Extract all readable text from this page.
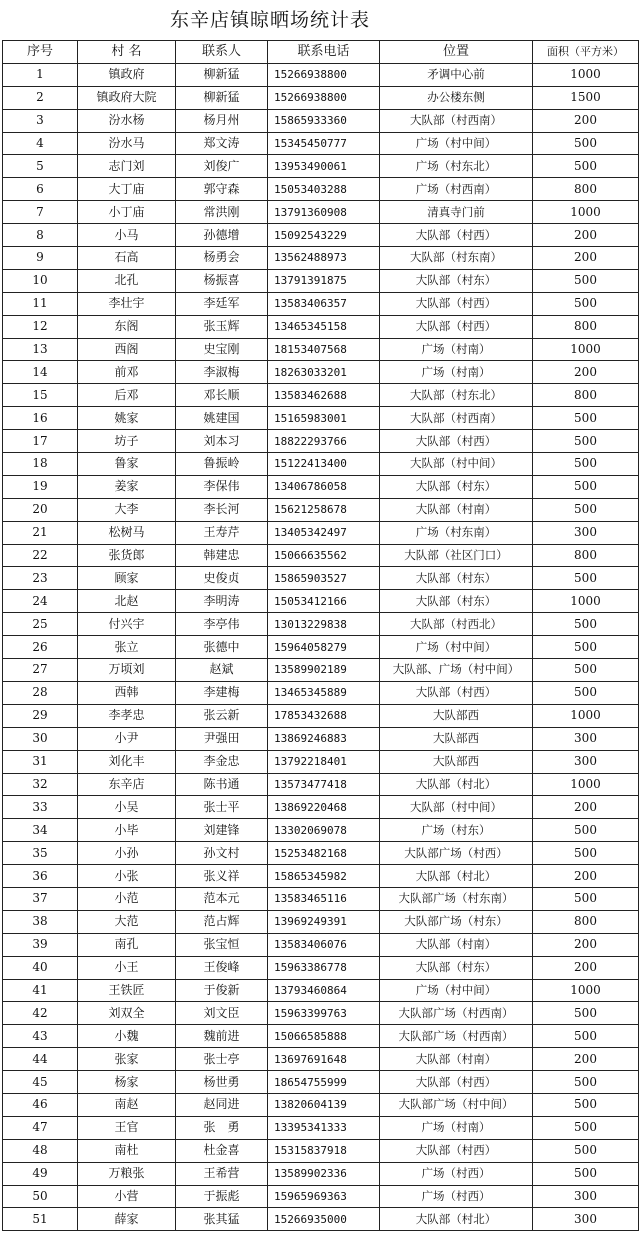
东辛店镇晾晒场统计表
序号	村 名	联系人	联系电话	位置	面积（平方米）
1	镇政府	柳新猛	15266938800	矛调中心前	1000
2	镇政府大院	柳新猛	15266938800	办公楼东侧	1500
3	汾水杨	杨月州	15865933360	大队部（村西南）	200
4	汾水马	郑文涛	15345450777	广场（村中间）	500
5	志门刘	刘俊广	13953490061	广场（村东北）	500
6	大丁庙	郭守森	15053403288	广场（村西南）	800
7	小丁庙	常洪刚	13791360908	清真寺门前	1000
8	小马	孙德增	15092543229	大队部（村西）	200
9	石高	杨勇会	13562488973	大队部（村东南）	200
10	北孔	杨振喜	13791391875	大队部（村东）	500
11	李壮宇	李廷军	13583406357	大队部（村西）	500
12	东阁	张玉辉	13465345158	大队部（村西）	800
13	西阁	史宝刚	18153407568	广场（村南）	1000
14	前邓	李淑梅	18263033201	广场（村南）	200
15	后邓	邓长顺	13583462688	大队部（村东北）	800
16	姚家	姚建国	15165983001	大队部（村西南）	500
17	坊子	刘本习	18822293766	大队部（村西）	500
18	鲁家	鲁振岭	15122413400	大队部（村中间）	500
19	姜家	李保伟	13406786058	大队部（村东）	500
20	大李	李长河	15621258678	大队部（村南）	500
21	松树马	王寿芹	13405342497	广场（村东南）	300
22	张货郎	韩建忠	15066635562	大队部（社区门口）	800
23	顾家	史俊贞	15865903527	大队部（村东）	500
24	北赵	李明涛	15053412166	大队部（村东）	1000
25	付兴宇	李亭伟	13013229838	大队部（村西北）	500
26	张立	张德中	15964058279	广场（村中间）	500
27	万顷刘	赵斌	13589902189	大队部、广场（村中间）	500
28	西韩	李建梅	13465345889	大队部（村西）	500
29	李孝忠	张云新	17853432688	大队部西	1000
30	小尹	尹强田	13869246883	大队部西	300
31	刘化丰	李金忠	13792218401	大队部西	300
32	东辛店	陈书通	13573477418	大队部（村北）	1000
33	小吴	张士平	13869220468	大队部（村中间）	200
34	小毕	刘建锋	13302069078	广场（村东）	500
35	小孙	孙文村	15253482168	大队部广场（村西）	500
36	小张	张义祥	15865345982	大队部（村北）	200
37	小范	范本元	13583465116	大队部广场（村东南）	500
38	大范	范占辉	13969249391	大队部广场（村东）	800
39	南孔	张宝恒	13583406076	大队部（村南）	200
40	小王	王俊峰	15963386778	大队部（村东）	200
41	王铁匠	于俊新	13793460864	广场（村中间）	1000
42	刘双全	刘文臣	15963399763	大队部广场（村西南）	500
43	小魏	魏前进	15066585888	大队部广场（村西南）	500
44	张家	张士亭	13697691648	大队部（村南）	200
45	杨家	杨世勇	18654755999	大队部（村西）	500
46	南赵	赵同进	13820604139	大队部广场（村中间）	500
47	王官	张　勇	13395341333	广场（村南）	500
48	南杜	杜金喜	15315837918	大队部（村西）	500
49	万粮张	王希营	13589902336	广场（村西）	500
50	小营	于振彪	15965969363	广场（村西）	300
51	薛家	张其猛	15266935000	大队部（村北）	300
